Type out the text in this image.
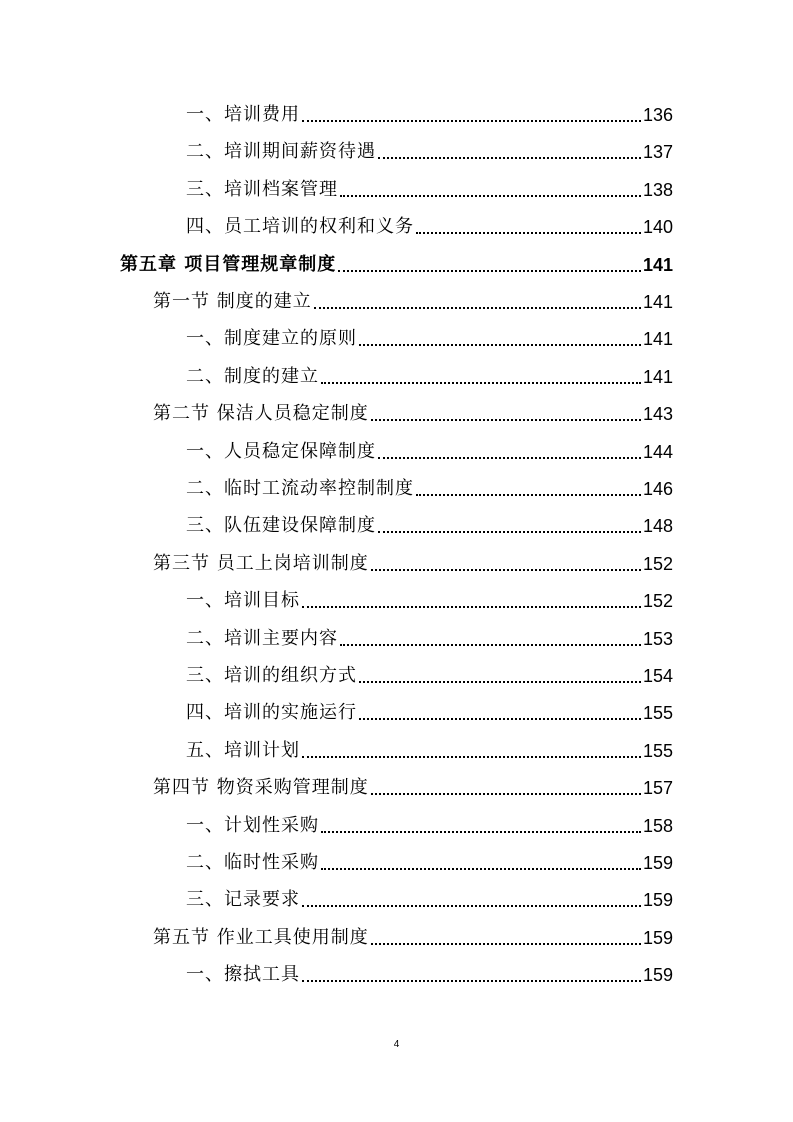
一、培训费用	136
二、培训期间薪资待遇	137
三、培训档案管理	138
四、员工培训的权利和义务	140
第五章 项目管理规章制度	141
第一节 制度的建立	141
一、制度建立的原则	141
二、制度的建立	141
第二节 保洁人员稳定制度	143
一、人员稳定保障制度	144
二、临时工流动率控制制度	146
三、队伍建设保障制度	148
第三节 员工上岗培训制度	152
一、培训目标	152
二、培训主要内容	153
三、培训的组织方式	154
四、培训的实施运行	155
五、培训计划	155
第四节 物资采购管理制度	157
一、计划性采购	158
二、临时性采购	159
三、记录要求	159
第五节 作业工具使用制度	159
一、擦拭工具	159
4
